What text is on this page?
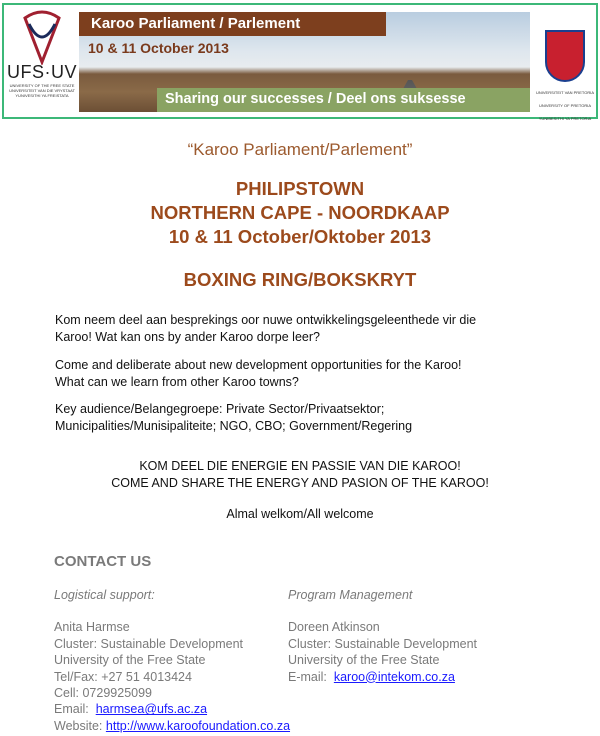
UFS·UV
UNIVERSITY OF THE FREE STATE
UNIVERSITEIT VAN DIE VRYSTAAT
YUNIVESITHI YA FREISTATA
Karoo Parliament / Parlement
10 & 11 October 2013
Sharing our successes / Deel ons suksesse	UNIVERSITEIT VAN PRETORIA
UNIVERSITY OF PRETORIA
YUNIBESITHI YA PRETORIA
“Karoo Parliament/Parlement”
PHILIPSTOWN
NORTHERN CAPE - NOORDKAAP
10 & 11 October/Oktober 2013
BOXING RING/BOKSKRYT
Kom neem deel aan besprekings oor nuwe ontwikkelingsgeleenthede vir die
Karoo! Wat kan ons by ander Karoo dorpe leer?
Come and deliberate about new development opportunities for the Karoo!
What can we learn from other Karoo towns?
Key audience/Belangegroepe: Private Sector/Privaatsektor;
Municipalities/Munisipaliteite; NGO, CBO; Government/Regering
KOM DEEL DIE ENERGIE EN PASSIE VAN DIE KAROO!
COME AND SHARE THE ENERGY AND PASION OF THE KAROO!
Almal welkom/All welcome
CONTACT US
Logistical support:
Anita Harmse
Cluster: Sustainable Development
University of the Free State
Tel/Fax: +27 51 4013424
Cell: 0729925099
Email: harmsea@ufs.ac.za
Website: http://www.karoofoundation.co.za
Program Management
Doreen Atkinson
Cluster: Sustainable Development
University of the Free State
E-mail: karoo@intekom.co.za
